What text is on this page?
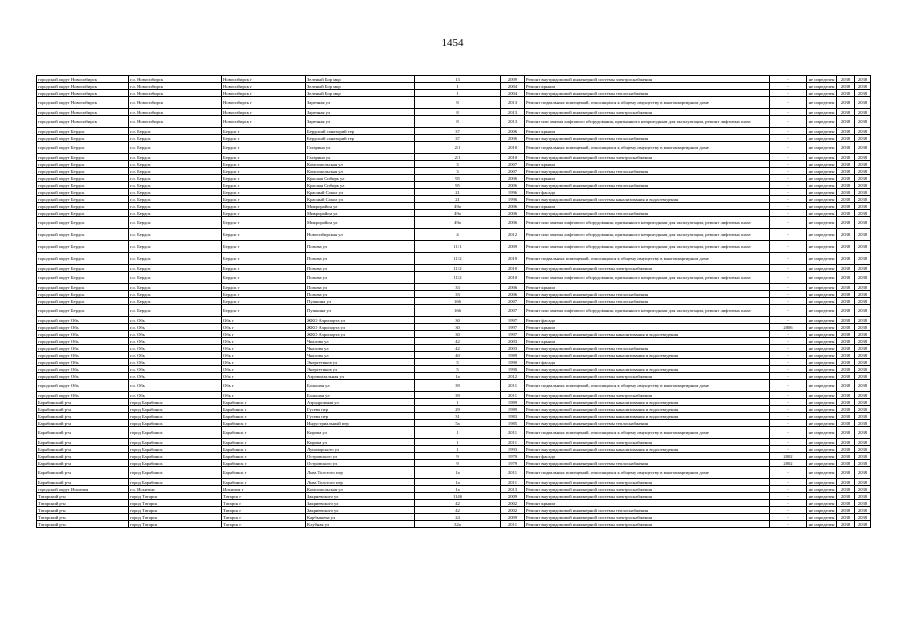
1454
городской округ Новосибирск	г.о. Новосибирск	Новосибирск г	Зеленый Бор мкр	13	2009	Ремонт внутридомовой инженерной системы электроснабжения	-	не определен	2038	2038
городской округ Новосибирск	г.о. Новосибирск	Новосибирск г	Зеленый Бор мкр	1	2004	Ремонт крыши	-	не определен	2038	2038
городской округ Новосибирск	г.о. Новосибирск	Новосибирск г	Зеленый Бор мкр	1	2004	Ремонт внутридомовой инженерной системы теплоснабжения	-	не определен	2038	2038
городской округ Новосибирск	г.о. Новосибирск	Новосибирск г	Заречная ул	8	2013	Ремонт подвальных помещений, относящихся к общему имуществу в многоквартирном доме	-	не определен	2038	2038
городской округ Новосибирск	г.о. Новосибирск	Новосибирск г	Заречная ул	8	2013	Ремонт внутридомовой инженерной системы электроснабжения	-	не определен	2038	2038
городской округ Новосибирск	г.о. Новосибирск	Новосибирск г	Заречная ул	8	2013	Ремонт или замена лифтового оборудования, признанного непригодным для эксплуатации, ремонт лифтовых шахт	-	не определен	2038	2038
городской округ Бердск	г.о. Бердск	Бердск г	Бердский санаторий тер	37	2006	Ремонт крыши	-	не определен	2038	2038
городской округ Бердск	г.о. Бердск	Бердск г	Бердский санаторий тер	37	2006	Ремонт внутридомовой инженерной системы теплоснабжения	-	не определен	2038	2038
городской округ Бердск	г.о. Бердск	Бердск г	Гагарина ул	2/1	2010	Ремонт подвальных помещений, относящихся к общему имуществу в многоквартирном доме	-	не определен	2038	2038
городской округ Бердск	г.о. Бердск	Бердск г	Гагарина ул	2/1	2010	Ремонт внутридомовой инженерной системы электроснабжения	-	не определен	2038	2038
городской округ Бердск	г.о. Бердск	Бердск г	Комсомольская ул	3	2007	Ремонт крыши	-	не определен	2038	2038
городской округ Бердск	г.о. Бердск	Бердск г	Комсомольская ул	3	2007	Ремонт внутридомовой инженерной системы теплоснабжения	-	не определен	2038	2038
городской округ Бердск	г.о. Бердск	Бердск г	Красная Сибирь ул	95	2006	Ремонт крыши	-	не определен	2038	2038
городской округ Бердск	г.о. Бердск	Бердск г	Красная Сибирь ул	95	2006	Ремонт внутридомовой инженерной системы теплоснабжения	-	не определен	2038	2038
городской округ Бердск	г.о. Бердск	Бердск г	Красный Сокол ул	21	1996	Ремонт фасада	-	не определен	2038	2038
городской округ Бердск	г.о. Бердск	Бердск г	Красный Сокол ул	21	1996	Ремонт внутридомовой инженерной системы канализования и водоотведения	-	не определен	2038	2038
городской округ Бердск	г.о. Бердск	Бердск г	Микрорайон ул	49а	2006	Ремонт крыши	-	не определен	2038	2038
городской округ Бердск	г.о. Бердск	Бердск г	Микрорайон ул	49а	2006	Ремонт внутридомовой инженерной системы теплоснабжения	-	не определен	2038	2038
городской округ Бердск	г.о. Бердск	Бердск г	Микрорайон ул	49а	2006	Ремонт или замена лифтового оборудования, признанного непригодным для эксплуатации, ремонт лифтовых шахт	-	не определен	2038	2038
городской округ Бердск	г.о. Бердск	Бердск г	Новосибирская ул	4	2012	Ремонт или замена лифтового оборудования, признанного непригодным для эксплуатации, ремонт лифтовых шахт	-	не определен	2038	2038
городской округ Бердск	г.о. Бердск	Бердск г	Попова ул	11/1	2009	Ремонт или замена лифтового оборудования, признанного непригодным для эксплуатации, ремонт лифтовых шахт	-	не определен	2038	2038
городской округ Бердск	г.о. Бердск	Бердск г	Попова ул	11/2	2010	Ремонт подвальных помещений, относящихся к общему имуществу в многоквартирном доме	-	не определен	2038	2038
городской округ Бердск	г.о. Бердск	Бердск г	Попова ул	11/2	2010	Ремонт внутридомовой инженерной системы электроснабжения	-	не определен	2038	2038
городской округ Бердск	г.о. Бердск	Бердск г	Попова ул	11/2	2010	Ремонт или замена лифтового оборудования, признанного непригодным для эксплуатации, ремонт лифтовых шахт	-	не определен	2038	2038
городской округ Бердск	г.о. Бердск	Бердск г	Попова ул	33	2006	Ремонт крыши	-	не определен	2038	2038
городской округ Бердск	г.о. Бердск	Бердск г	Попова ул	33	2006	Ремонт внутридомовой инженерной системы теплоснабжения	-	не определен	2038	2038
городской округ Бердск	г.о. Бердск	Бердск г	Пушкина ул	166	2007	Ремонт внутридомовой инженерной системы теплоснабжения	-	не определен	2038	2038
городской округ Бердск	г.о. Бердск	Бердск г	Пушкина ул	166	2007	Ремонт или замена лифтового оборудования, признанного непригодным для эксплуатации, ремонт лифтовых шахт	-	не определен	2038	2038
городской округ Обь	г.о. Обь	Обь г	ЖКО Аэропорта ул	30	1997	Ремонт фасада	-	не определен	2038	2038
городской округ Обь	г.о. Обь	Обь г	ЖКО Аэропорта ул	30	1997	Ремонт крыши	2006	не определен	2038	2038
городской округ Обь	г.о. Обь	Обь г	ЖКО Аэропорта ул	30	1997	Ремонт внутридомовой инженерной системы канализования и водоотведения	-	не определен	2038	2038
городской округ Обь	г.о. Обь	Обь г	Чкалова ул	42	2003	Ремонт крыши	-	не определен	2038	2038
городской округ Обь	г.о. Обь	Обь г	Чкалова ул	42	2003	Ремонт внутридомовой инженерной системы теплоснабжения	-	не определен	2038	2038
городской округ Обь	г.о. Обь	Обь г	Чкалова ул	40	1989	Ремонт внутридомовой инженерной системы канализования и водоотведения	-	не определен	2038	2038
городской округ Обь	г.о. Обь	Обь г	Энергетиков ул	5	1990	Ремонт фасада	-	не определен	2038	2038
городской округ Обь	г.о. Обь	Обь г	Энергетиков ул	5	1990	Ремонт внутридомовой инженерной системы канализования и водоотведения	-	не определен	2038	2038
городской округ Обь	г.о. Обь	Обь г	Аэровокзальная ул	1а	2012	Ремонт внутридомовой инженерной системы электроснабжения	-	не определен	2038	2038
городской округ Обь	г.о. Обь	Обь г	Большая ул	39	2011	Ремонт подвальных помещений, относящихся к общему имуществу в многоквартирном доме	-	не определен	2038	2038
городской округ Обь	г.о. Обь	Обь г	Большая ул	39	2011	Ремонт внутридомовой инженерной системы электроснабжения	-	не определен	2038	2038
Барабинский р-н	город Барабинск	Барабинск г	Аэродромная ул	1	1989	Ремонт внутридомовой инженерной системы канализования и водоотведения	-	не определен	2038	2038
Барабинский р-н	город Барабинск	Барабинск г	Гусева пер	29	1989	Ремонт внутридомовой инженерной системы канализования и водоотведения	-	не определен	2038	2038
Барабинский р-н	город Барабинск	Барабинск г	Гусева пер	31	1983	Ремонт внутридомовой инженерной системы канализования и водоотведения	-	не определен	2038	2038
Барабинский р-н	город Барабинск	Барабинск г	Индустриальный пер	5а	1985	Ремонт внутридомовой инженерной системы теплоснабжения	-	не определен	2038	2038
Барабинский р-н	город Барабинск	Барабинск г	Кирова ул	1	2011	Ремонт подвальных помещений, относящихся к общему имуществу в многоквартирном доме	-	не определен	2038	2038
Барабинский р-н	город Барабинск	Барабинск г	Кирова ул	1	2011	Ремонт внутридомовой инженерной системы электроснабжения	-	не определен	2038	2038
Барабинский р-н	город Барабинск	Барабинск г	Луначарского ул	1	1993	Ремонт внутридомовой инженерной системы канализования и водоотведения	-	не определен	2038	2038
Барабинский р-н	город Барабинск	Барабинск г	Островского ул	9	1979	Ремонт фасада	2002	не определен	2038	2038
Барабинский р-н	город Барабинск	Барабинск г	Островского ул	9	1979	Ремонт внутридомовой инженерной системы теплоснабжения	2002	не определен	2038	2038
Барабинский р-н	город Барабинск	Барабинск г	Льва Толстого пер	1а	2011	Ремонт подвальных помещений, относящихся к общему имуществу в многоквартирном доме	-	не определен	2038	2038
Барабинский р-н	город Барабинск	Барабинск г	Льва Толстого пер	1а	2011	Ремонт внутридомовой инженерной системы электроснабжения	-	не определен	2038	2038
городской округ Искитим	г.о. Искитим	Искитим г	Комсомольская ул	1а	2013	Ремонт внутридомовой инженерной системы электроснабжения	-	не определен	2038	2038
Татарский р-н	город Татарск	Татарск г	Закриевского ул	1146	2009	Ремонт внутридомовой инженерной системы электроснабжения	-	не определен	2038	2038
Татарский р-н	город Татарск	Татарск г	Закриевского ул	42	2002	Ремонт крыши	-	не определен	2038	2038
Татарский р-н	город Татарск	Татарск г	Закриевского ул	42	2002	Ремонт внутридомовой инженерной системы теплоснабжения	-	не определен	2038	2038
Татарский р-н	город Татарск	Татарск г	Карбышева ул	24	2009	Ремонт внутридомовой инженерной системы электроснабжения	-	не определен	2038	2038
Татарский р-н	город Татарск	Татарск г	Клубная ул	32а	2011	Ремонт внутридомовой инженерной системы электроснабжения	-	не определен	2038	2038
